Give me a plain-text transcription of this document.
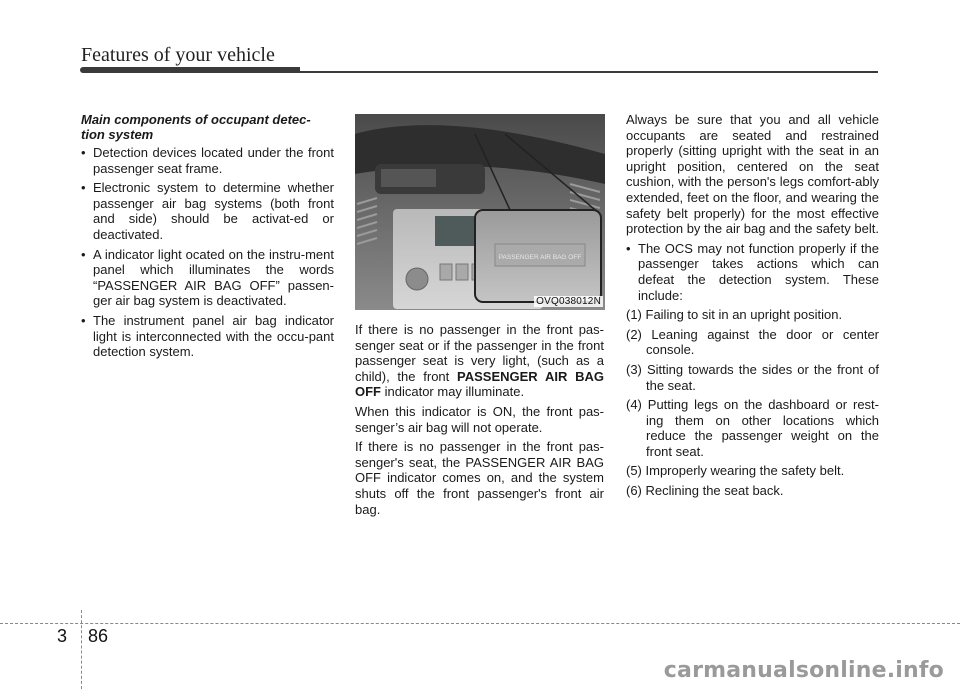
Features of your vehicle
Main components of occupant detec-tion system

• Detection devices located under the front passenger seat frame.

• Electronic system to determine whether passenger air bag systems (both front and side) should be activat-ed or deactivated.

• A indicator light ocated on the instru-ment panel which illuminates the words “PASSENGER AIR BAG OFF” passen-ger air bag system is deactivated.

• The instrument panel air bag indicator light is interconnected with the occu-pant detection system.

PASSENGER AIR BAG OFF
OVQ038012N

If there is no passenger in the front pas-senger seat or if the passenger in the front passenger seat is very light, (such as a child), the front PASSENGER AIR BAG OFF indicator may illuminate.

When this indicator is ON, the front pas-senger’s air bag will not operate.

If there is no passenger in the front pas-senger's seat, the PASSENGER AIR BAG OFF indicator comes on, and the system shuts off the front passenger's front air bag.

Always be sure that you and all vehicle occupants are seated and restrained properly (sitting upright with the seat in an upright position, centered on the seat cushion, with the person's legs comfort-ably extended, feet on the floor, and wearing the safety belt properly) for the most effective protection by the air bag and the safety belt.

• The OCS may not function properly if the passenger takes actions which can defeat the detection system. These include:

(1) Failing to sit in an upright position.

(2) Leaning against the door or center console.

(3) Sitting towards the sides or the front of the seat.

(4) Putting legs on the dashboard or rest-ing them on other locations which reduce the passenger weight on the front seat.

(5) Improperly wearing the safety belt.

(6) Reclining the seat back.

3 86
carmanualsonline.info
